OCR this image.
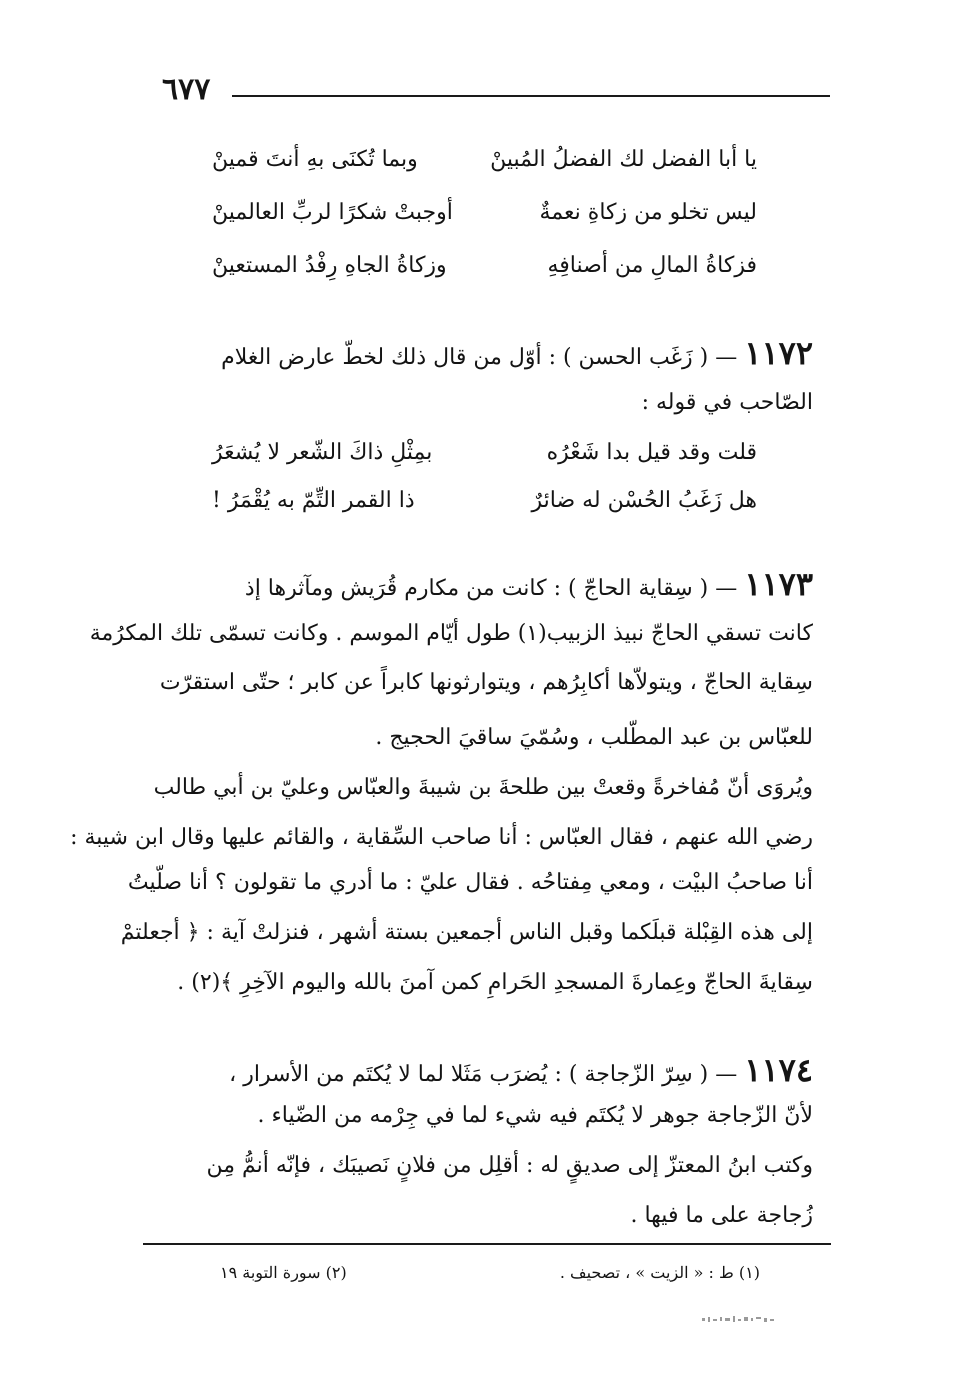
٦٧٧
يا أبا الفضل لك الفضلُ المُبينْ
وبما تُكنَى بهِ أنتَ قمينْ
ليس تخلو من زكاةِ نعمةٌ
أوجبتْ شكرًا لربِّ العالمينْ
فزكاةُ المالِ من أصنافِهِ
وزكاةُ الجاهِ رِفْدُ المستعينْ
١١٧٢ — ( زَغَب الحسن ) : أوّل من قال ذلك لخطّ عارض الغلام
الصّاحب في قوله :
قلت وقد قيل بدا شَعْرُه
بمِثْلِ ذاكَ الشّعر لا يُشعَرُ
هل زَغَبُ الحُسْن له ضائرٌ
ذا القمر التِّمّ به يُقْمَرُ !
١١٧٣ — ( سِقاية الحاجّ ) : كانت من مكارم قُرَيش ومآثرها إذ
كانت تسقي الحاجّ نبيذ الزبيب(١) طول أيّام الموسم . وكانت تسمّى تلك المكرُمة
سِقاية الحاجّ ، ويتولاّها أكابِرُهم ، ويتوارثونها كابراً عن كابر ؛ حتّى استقرّت
للعبّاس بن عبد المطّلب ، وسُمّيَ ساقيَ الحجيج .
ويُروَى أنّ مُفاخرةً وقعتْ بين طلحةَ بن شيبةَ والعبّاس وعليّ بن أبي طالب
رضي الله عنهم ، فقال العبّاس : أنا صاحب السِّقاية ، والقائم عليها وقال ابن شيبة :
أنا صاحبُ البيْت ، ومعي مِفتاحُه . فقال عليّ : ما أدري ما تقولون ؟ أنا صلّيتُ
إلى هذه القِبْلة قبلَكما وقبل الناس أجمعين بستة أشهر ، فنزلتْ آية : ﴿ أجعلتمْ
سِقايةَ الحاجّ وعِمارةَ المسجدِ الحَرامِ كمن آمنَ بالله واليوم الآخِرِ ﴾(٢) .
١١٧٤ — ( سِرّ الزّجاجة ) : يُضرَب مَثَلا لما لا يُكتَم من الأسرار ،
لأنّ الزّجاجة جوهر لا يُكتَم فيه شيء لما في جِرْمه من الضّياء .
وكتب ابنُ المعتزّ إلى صديقٍ له : أقلِل من فلانٍ نَصيبَك ، فإنّه أنمُّ مِن
زُجاجة على ما فيها .
(١) ط : « الزيت » ، تصحيف .
(٢) سورة التوبة ١٩
